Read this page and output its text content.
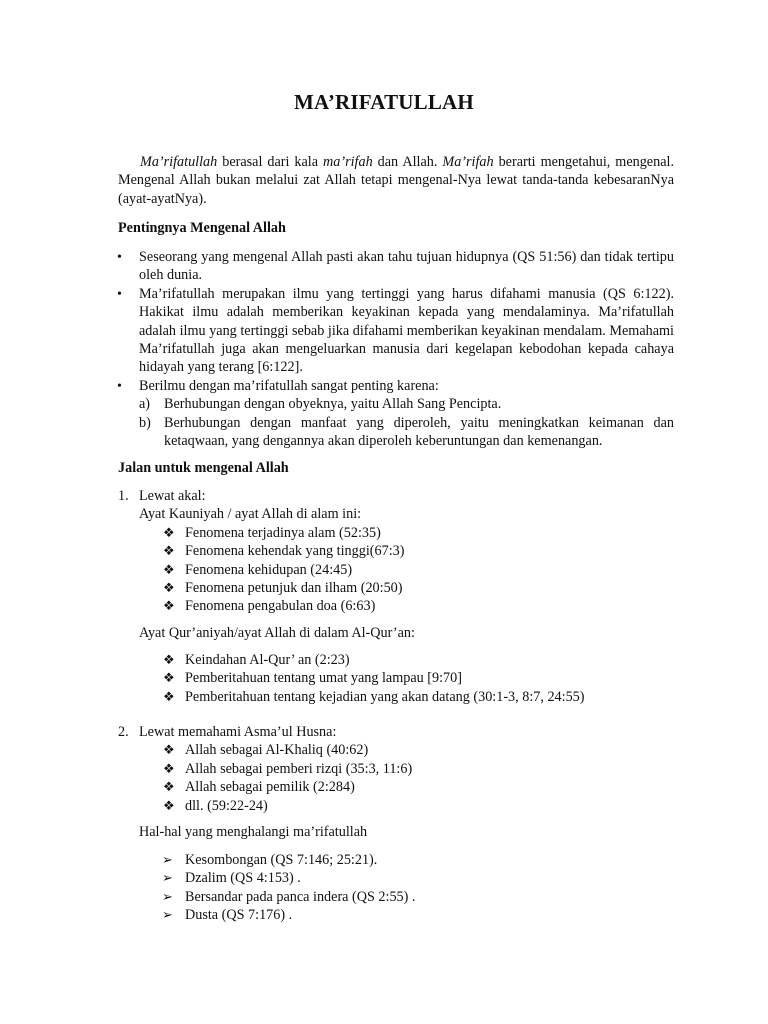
MA’RIFATULLAH

Ma’rifatullah berasal dari kala ma’rifah dan Allah. Ma’rifah berarti mengetahui, mengenal. Mengenal Allah bukan melalui zat Allah tetapi mengenal-Nya lewat tanda-tanda kebesaranNya (ayat-ayatNya).

Pentingnya Mengenal Allah

•	Seseorang yang mengenal Allah pasti akan tahu tujuan hidupnya (QS 51:56) dan tidak tertipu oleh dunia.
•	Ma’rifatullah merupakan ilmu yang tertinggi yang harus difahami manusia (QS 6:122). Hakikat ilmu adalah memberikan keyakinan kepada yang mendalaminya. Ma’rifatullah adalah ilmu yang tertinggi sebab jika difahami memberikan keyakinan mendalam. Memahami Ma’rifatullah juga akan mengeluarkan manusia dari kegelapan kebodohan kepada cahaya hidayah yang terang [6:122].
•	Berilmu dengan ma’rifatullah sangat penting karena:
a) Berhubungan dengan obyeknya, yaitu Allah Sang Pencipta.
b) Berhubungan dengan manfaat yang diperoleh, yaitu meningkatkan keimanan dan ketaqwaan, yang dengannya akan diperoleh keberuntungan dan kemenangan.

Jalan untuk mengenal Allah

1. Lewat akal:
Ayat Kauniyah / ayat Allah di alam ini:
❖ Fenomena terjadinya alam (52:35)
❖ Fenomena kehendak yang tinggi(67:3)
❖ Fenomena kehidupan (24:45)
❖ Fenomena petunjuk dan ilham (20:50)
❖ Fenomena pengabulan doa (6:63)
Ayat Qur’aniyah/ayat Allah di dalam Al-Qur’an:
❖ Keindahan Al-Qur’ an (2:23)
❖ Pemberitahuan tentang umat yang lampau [9:70]
❖ Pemberitahuan tentang kejadian yang akan datang (30:1-3, 8:7, 24:55)
2. Lewat memahami Asma’ul Husna:
❖ Allah sebagai Al-Khaliq (40:62)
❖ Allah sebagai pemberi rizqi (35:3, 11:6)
❖ Allah sebagai pemilik (2:284)
❖ dll. (59:22-24)
Hal-hal yang menghalangi ma’rifatullah
➢ Kesombongan (QS 7:146; 25:21).
➢ Dzalim (QS 4:153) .
➢ Bersandar pada panca indera (QS 2:55) .
➢ Dusta (QS 7:176) .
